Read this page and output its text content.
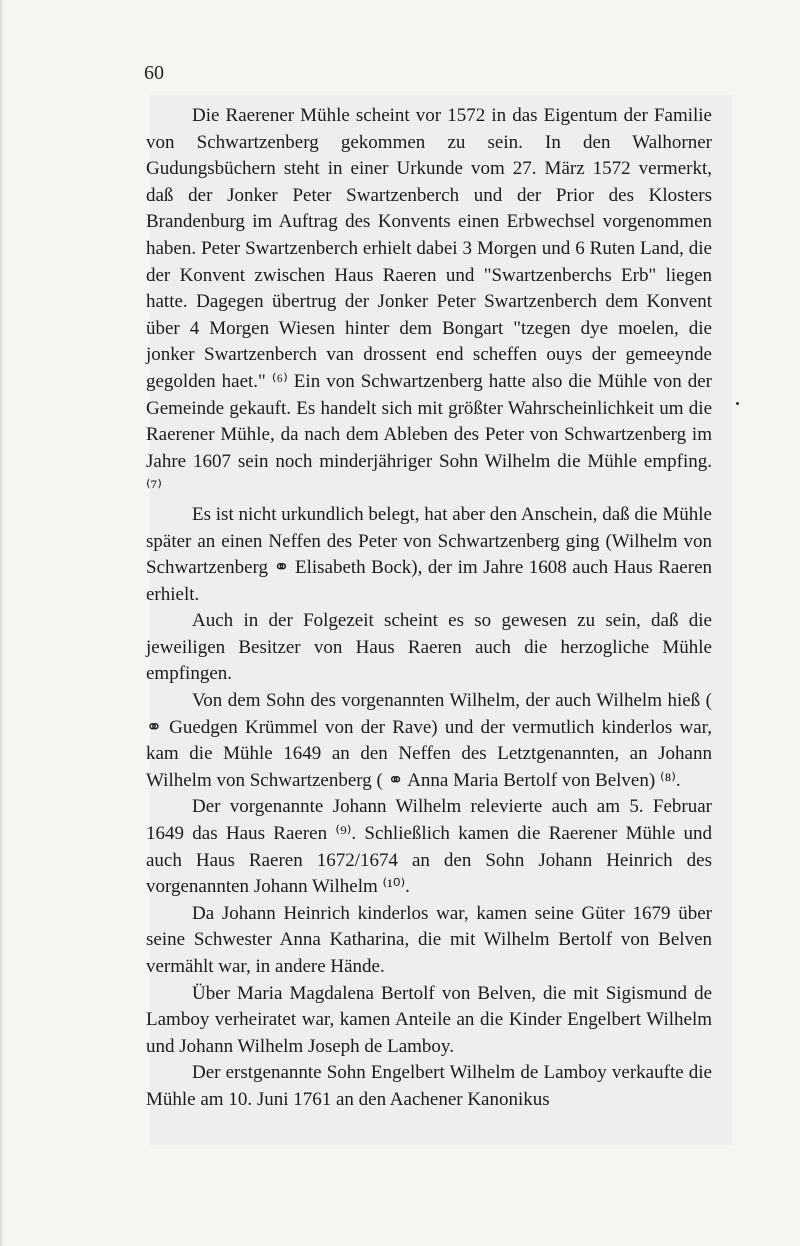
60

Die Raerener Mühle scheint vor 1572 in das Eigentum der Familie von Schwartzenberg gekommen zu sein. In den Walhorner Gudungsbüchern steht in einer Urkunde vom 27. März 1572 vermerkt, daß der Jonker Peter Swartzenberch und der Prior des Klosters Brandenburg im Auftrag des Konvents einen Erbwechsel vorgenommen haben. Peter Swartzenberch erhielt dabei 3 Morgen und 6 Ruten Land, die der Konvent zwischen Haus Raeren und "Swartzenberchs Erb" liegen hatte. Dagegen übertrug der Jonker Peter Swartzenberch dem Konvent über 4 Morgen Wiesen hinter dem Bongart "tzegen dye moelen, die jonker Swartzenberch van drossent end scheffen ouys der gemeeynde gegolden haet." ⁽⁶⁾ Ein von Schwartzenberg hatte also die Mühle von der Gemeinde gekauft. Es handelt sich mit größter Wahrscheinlichkeit um die Raerener Mühle, da nach dem Ableben des Peter von Schwartzenberg im Jahre 1607 sein noch minderjähriger Sohn Wilhelm die Mühle empfing. ⁽⁷⁾

Es ist nicht urkundlich belegt, hat aber den Anschein, daß die Mühle später an einen Neffen des Peter von Schwartzenberg ging (Wilhelm von Schwartzenberg ⚭ Elisabeth Bock), der im Jahre 1608 auch Haus Raeren erhielt.

Auch in der Folgezeit scheint es so gewesen zu sein, daß die jeweiligen Besitzer von Haus Raeren auch die herzogliche Mühle empfingen.

Von dem Sohn des vorgenannten Wilhelm, der auch Wilhelm hieß ( ⚭ Guedgen Krümmel von der Rave) und der vermutlich kinderlos war, kam die Mühle 1649 an den Neffen des Letztgenannten, an Johann Wilhelm von Schwartzenberg ( ⚭ Anna Maria Bertolf von Belven) ⁽⁸⁾.

Der vorgenannte Johann Wilhelm relevierte auch am 5. Februar 1649 das Haus Raeren ⁽⁹⁾. Schließlich kamen die Raerener Mühle und auch Haus Raeren 1672/1674 an den Sohn Johann Heinrich des vorgenannten Johann Wilhelm ⁽¹⁰⁾.

Da Johann Heinrich kinderlos war, kamen seine Güter 1679 über seine Schwester Anna Katharina, die mit Wilhelm Bertolf von Belven vermählt war, in andere Hände.

Über Maria Magdalena Bertolf von Belven, die mit Sigismund de Lamboy verheiratet war, kamen Anteile an die Kinder Engelbert Wilhelm und Johann Wilhelm Joseph de Lamboy.

Der erstgenannte Sohn Engelbert Wilhelm de Lamboy verkaufte die Mühle am 10. Juni 1761 an den Aachener Kanonikus
